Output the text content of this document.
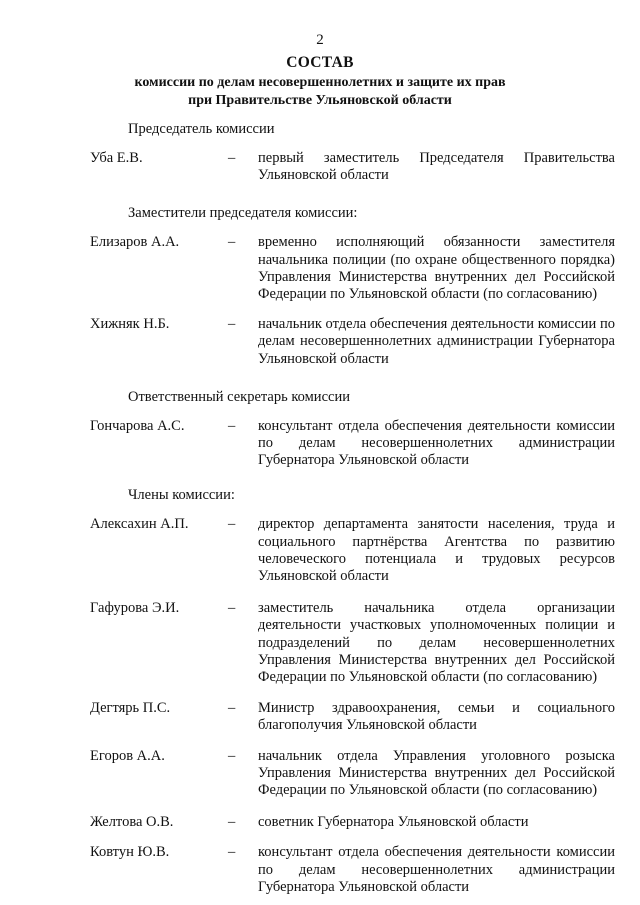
2
СОСТАВ
комиссии по делам несовершеннолетних и защите их прав
при Правительстве Ульяновской области
Председатель комиссии
Уба Е.В.	– первый заместитель Председателя Правительства Ульяновской области
Заместители председателя комиссии:
Елизаров А.А.	– временно исполняющий обязанности заместителя начальника полиции (по охране общественного порядка) Управления Министерства внутренних дел Российской Федерации по Ульяновской области (по согласованию)
Хижняк Н.Б.	– начальник отдела обеспечения деятельности комиссии по делам несовершеннолетних администрации Губернатора Ульяновской области
Ответственный секретарь комиссии
Гончарова А.С.	– консультант отдела обеспечения деятельности комиссии по делам несовершеннолетних администрации Губернатора Ульяновской области
Члены комиссии:
Алексахин А.П.	– директор департамента занятости населения, труда и социального партнёрства Агентства по развитию человеческого потенциала и трудовых ресурсов Ульяновской области
Гафурова Э.И.	– заместитель начальника отдела организации деятельности участковых уполномоченных полиции и подразделений по делам несовершеннолетних Управления Министерства внутренних дел Российской Федерации по Ульяновской области (по согласованию)
Дегтярь П.С.	– Министр здравоохранения, семьи и социального благополучия Ульяновской области
Егоров А.А.	– начальник отдела Управления уголовного розыска Управления Министерства внутренних дел Российской Федерации по Ульяновской области (по согласованию)
Желтова О.В.	– советник Губернатора Ульяновской области
Ковтун Ю.В.	– консультант отдела обеспечения деятельности комиссии по делам несовершеннолетних администрации Губернатора Ульяновской области
